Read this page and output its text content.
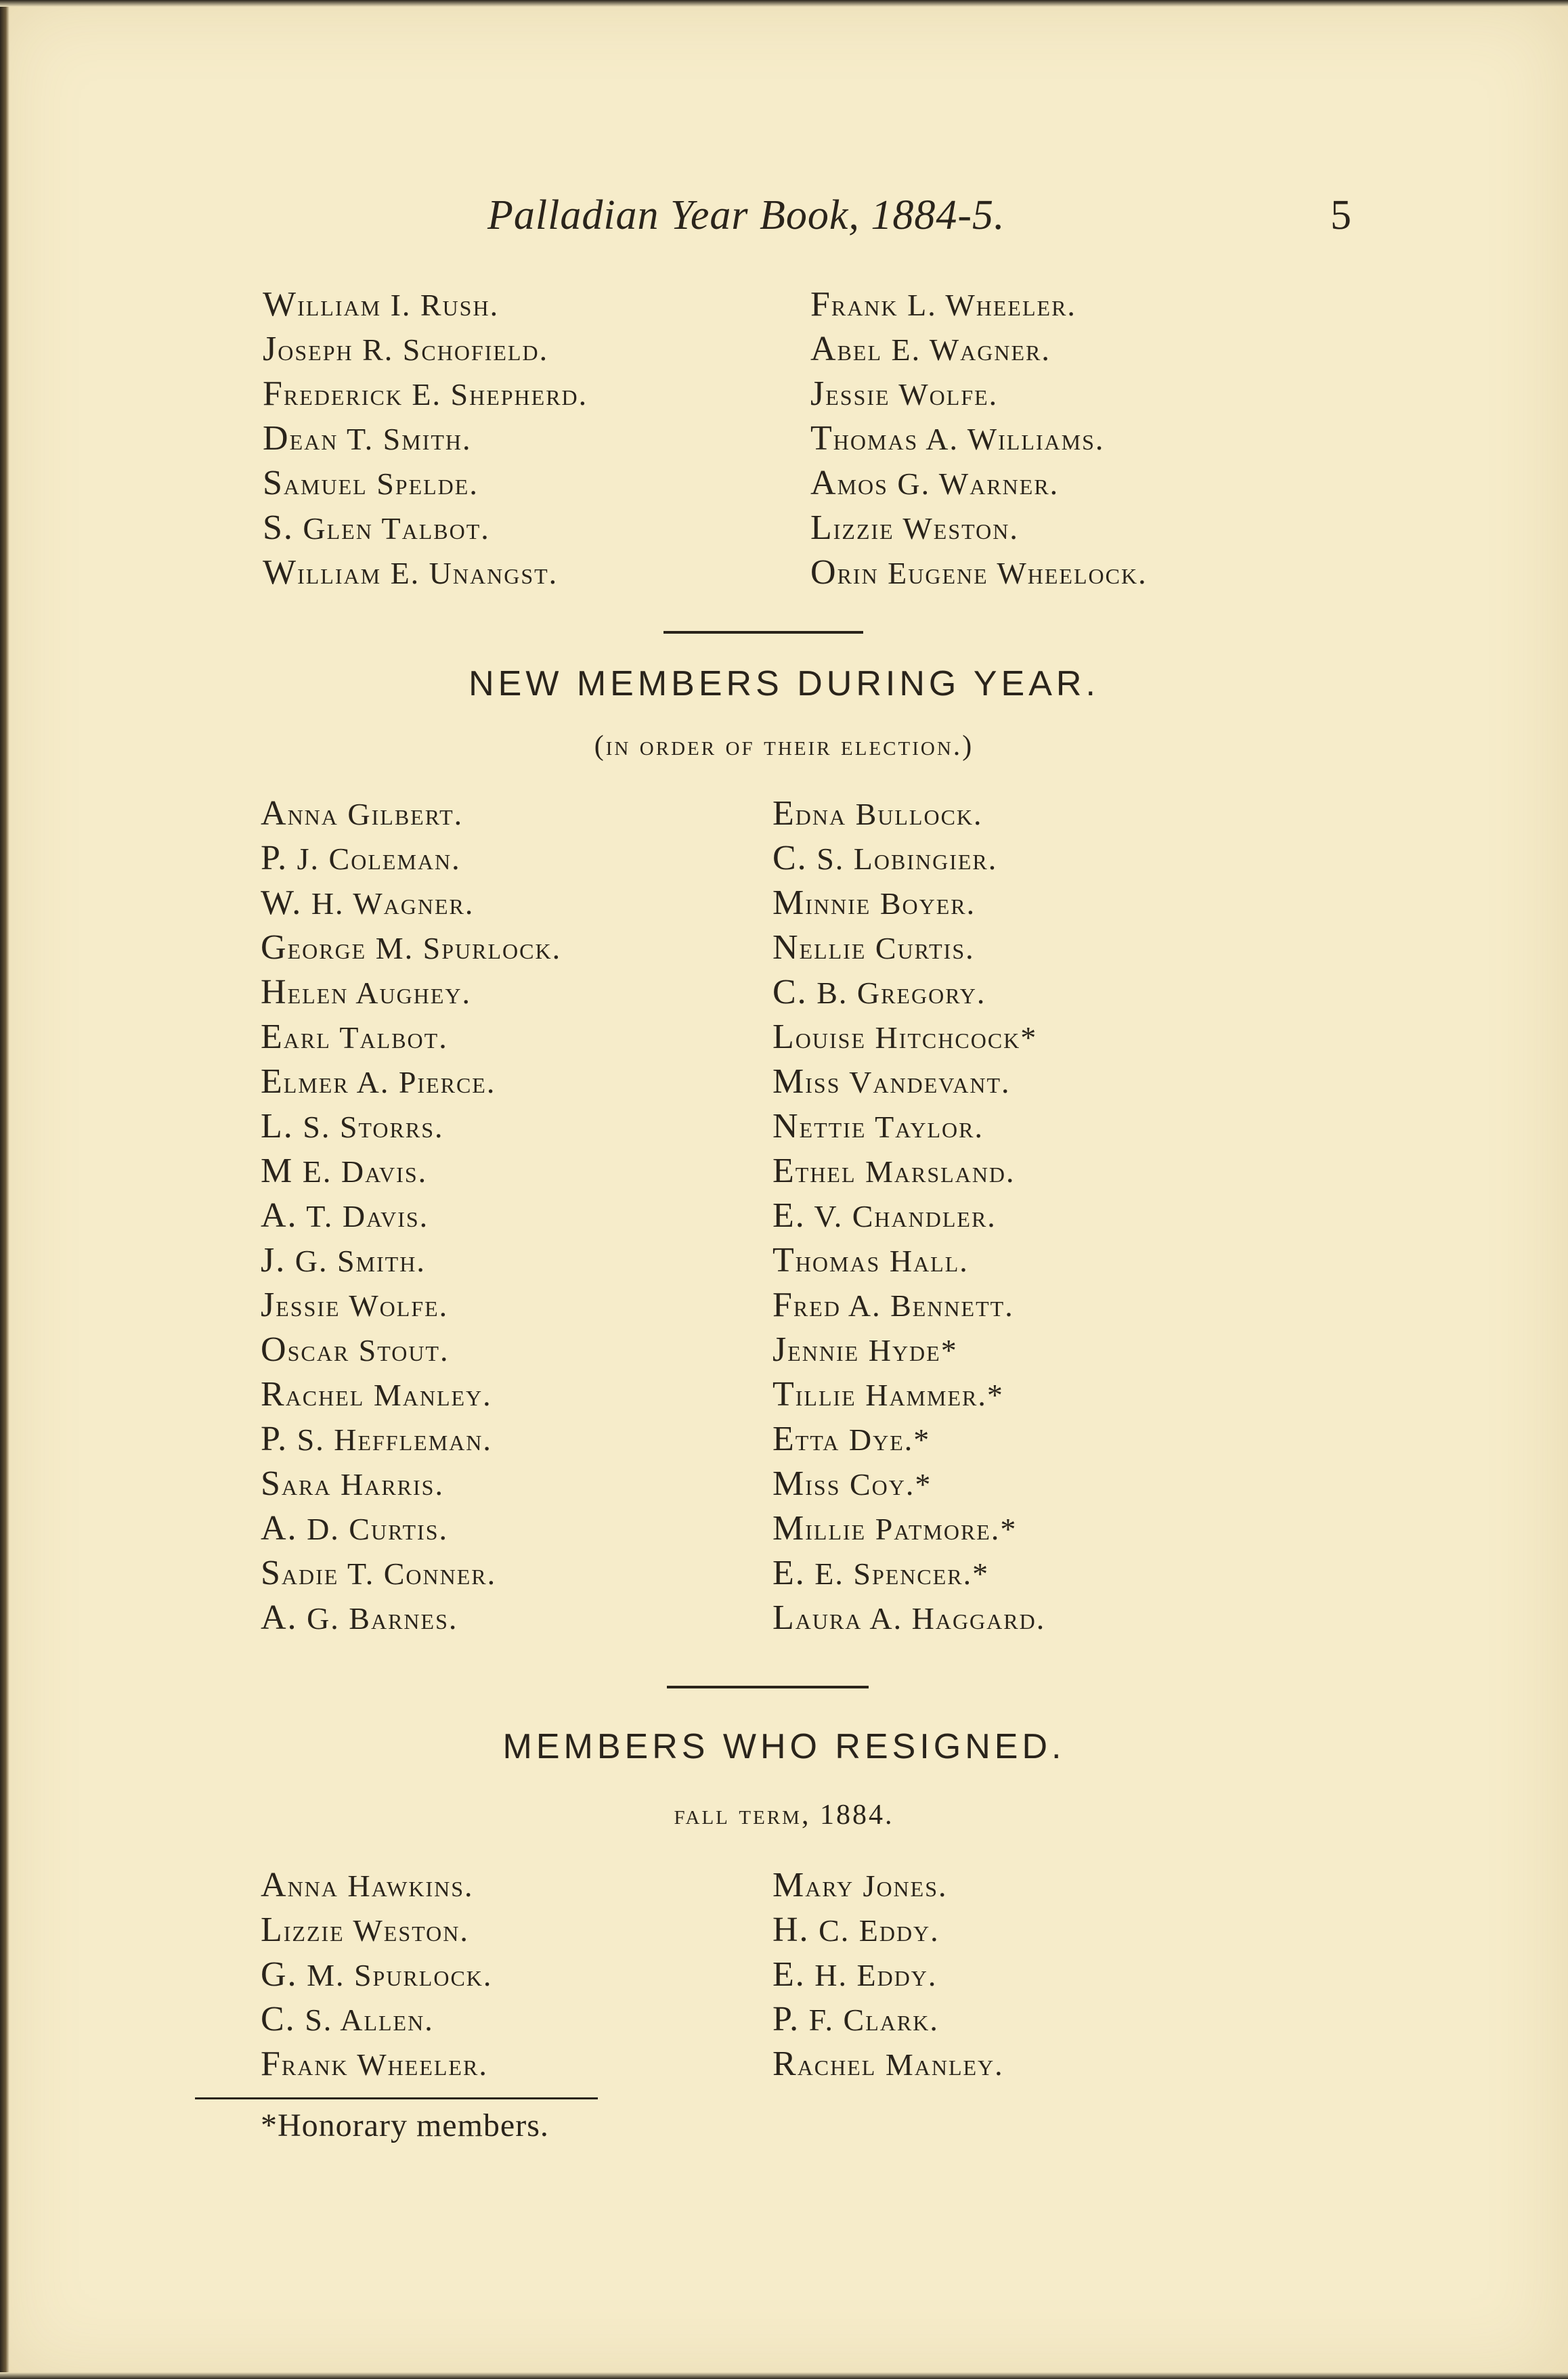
Palladian Year Book, 1884-5.	5
William I. Rush.
Joseph R. Schofield.
Frederick E. Shepherd.
Dean T. Smith.
Samuel Spelde.
S. Glen Talbot.
William E. Unangst.
Frank L. Wheeler.
Abel E. Wagner.
Jessie Wolfe.
Thomas A. Williams.
Amos G. Warner.
Lizzie Weston.
Orin Eugene Wheelock.
NEW MEMBERS DURING YEAR.
(in order of their election.)
Anna Gilbert.
P. J. Coleman.
W. H. Wagner.
George M. Spurlock.
Helen Aughey.
Earl Talbot.
Elmer A. Pierce.
L. S. Storrs.
M E. Davis.
A. T. Davis.
J. G. Smith.
Jessie Wolfe.
Oscar Stout.
Rachel Manley.
P. S. Heffleman.
Sara Harris.
A. D. Curtis.
Sadie T. Conner.
A. G. Barnes.
Edna Bullock.
C. S. Lobingier.
Minnie Boyer.
Nellie Curtis.
C. B. Gregory.
Louise Hitchcock*
Miss Vandevant.
Nettie Taylor.
Ethel Marsland.
E. V. Chandler.
Thomas Hall.
Fred A. Bennett.
Jennie Hyde*
Tillie Hammer.*
Etta Dye.*
Miss Coy.*
Millie Patmore.*
E. E. Spencer.*
Laura A. Haggard.
MEMBERS WHO RESIGNED.
fall term, 1884.
Anna Hawkins.
Lizzie Weston.
G. M. Spurlock.
C. S. Allen.
Frank Wheeler.
Mary Jones.
H. C. Eddy.
E. H. Eddy.
P. F. Clark.
Rachel Manley.
*Honorary members.
